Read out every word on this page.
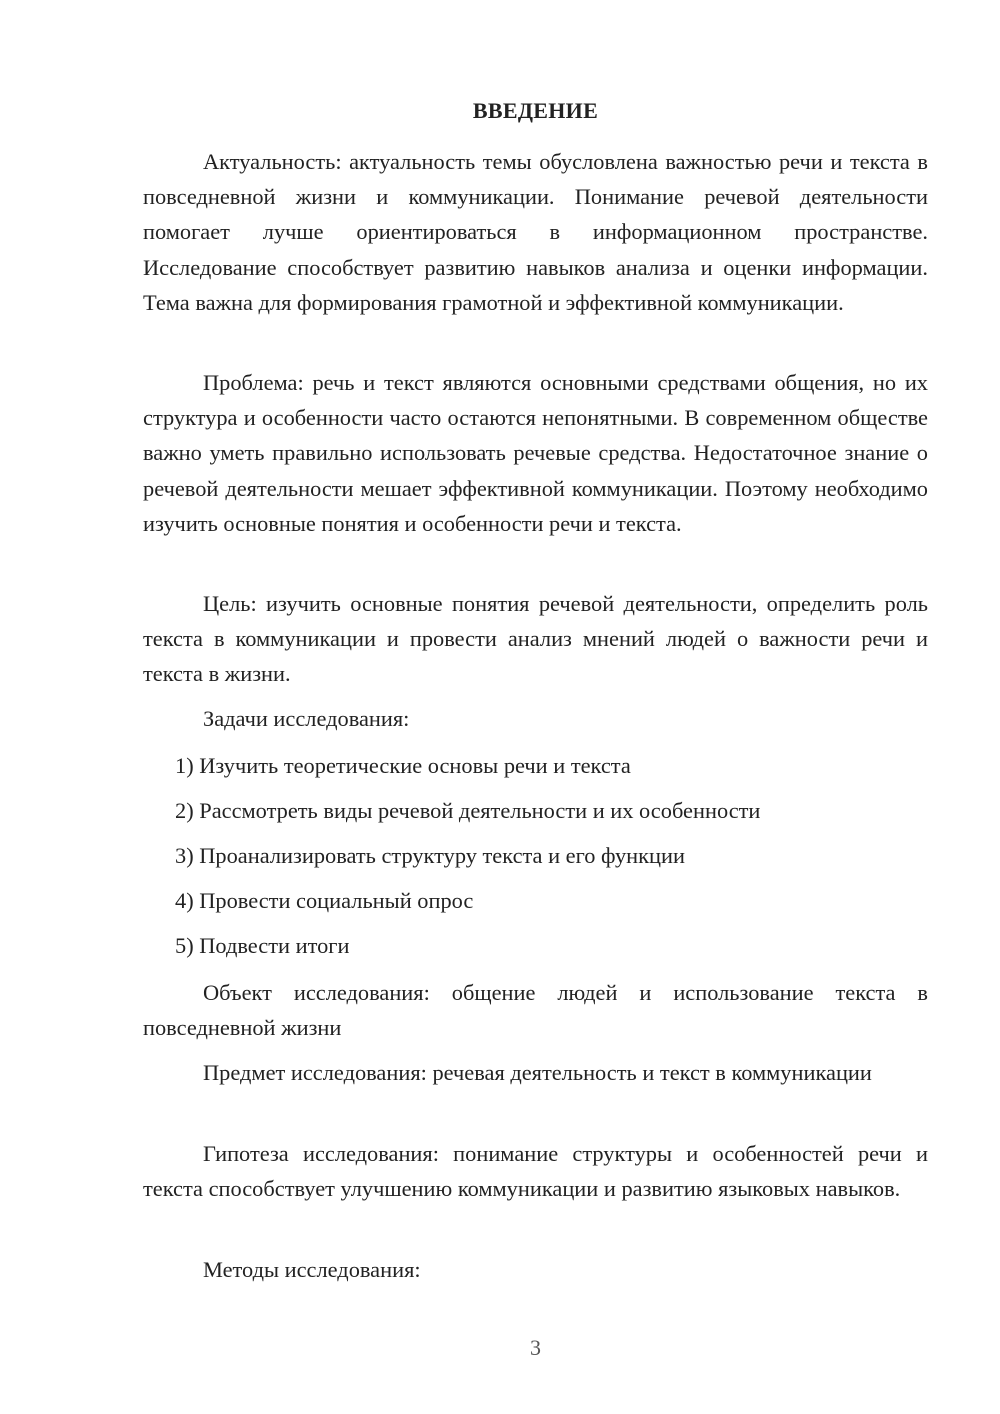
ВВЕДЕНИЕ

Актуальность: актуальность темы обусловлена важностью речи и текста в повседневной жизни и коммуникации. Понимание речевой деятельности помогает лучше ориентироваться в информационном пространстве. Исследование способствует развитию навыков анализа и оценки информации. Тема важна для формирования грамотной и эффективной коммуникации.

Проблема: речь и текст являются основными средствами общения, но их структура и особенности часто остаются непонятными. В современном обществе важно уметь правильно использовать речевые средства. Недостаточное знание о речевой деятельности мешает эффективной коммуникации. Поэтому необходимо изучить основные понятия и особенности речи и текста.

Цель: изучить основные понятия речевой деятельности, определить роль текста в коммуникации и провести анализ мнений людей о важности речи и текста в жизни.

Задачи исследования:

1) Изучить теоретические основы речи и текста

2) Рассмотреть виды речевой деятельности и их особенности

3) Проанализировать структуру текста и его функции

4) Провести социальный опрос

5) Подвести итоги

Объект исследования: общение людей и использование текста в повседневной жизни

Предмет исследования: речевая деятельность и текст в коммуникации

Гипотеза исследования: понимание структуры и особенностей речи и текста способствует улучшению коммуникации и развитию языковых навыков.

Методы исследования:

3
